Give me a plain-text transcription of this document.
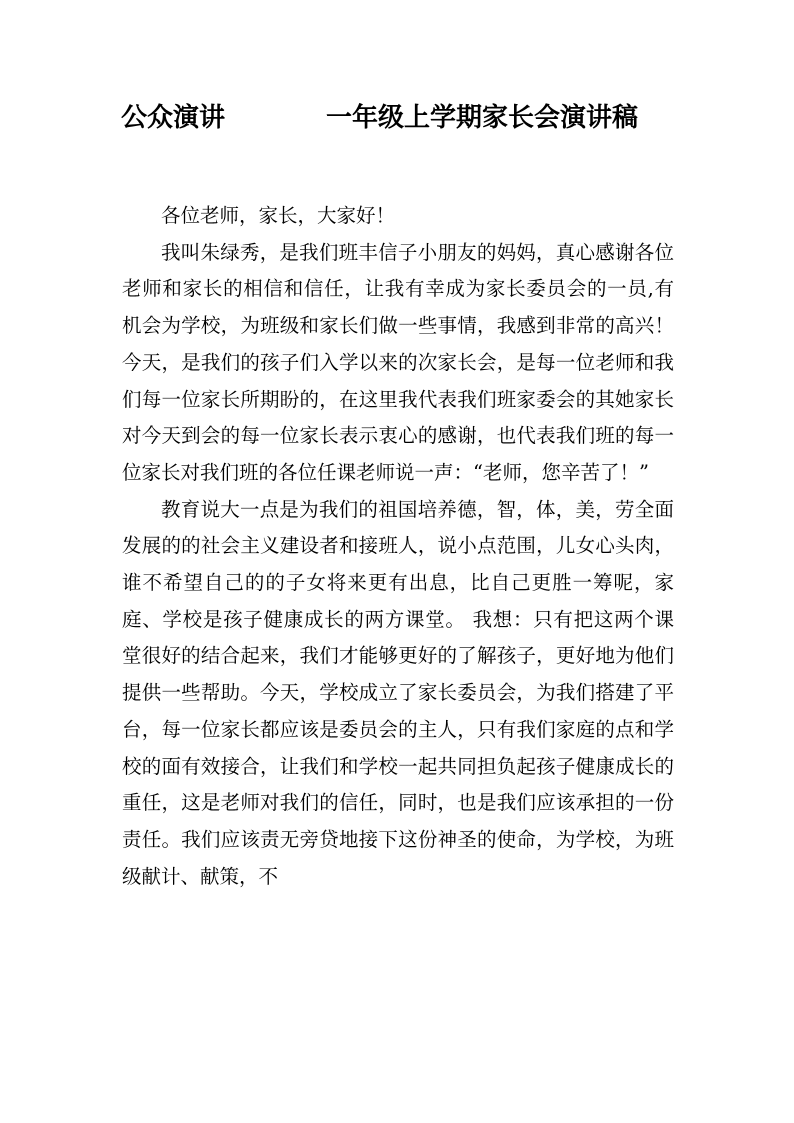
公众演讲	一年级上学期家长会演讲稿

各位老师，家长，大家好！

我叫朱绿秀，是我们班丰信子小朋友的妈妈，真心感谢各位老师和家长的相信和信任，让我有幸成为家长委员会的一员,有机会为学校，为班级和家长们做一些事情，我感到非常的高兴！今天，是我们的孩子们入学以来的次家长会，是每一位老师和我们每一位家长所期盼的，在这里我代表我们班家委会的其她家长对今天到会的每一位家长表示衷心的感谢，也代表我们班的每一位家长对我们班的各位任课老师说一声：“老师，您辛苦了！”

教育说大一点是为我们的祖国培养德，智，体，美，劳全面发展的的社会主义建设者和接班人，说小点范围，儿女心头肉，谁不希望自己的的子女将来更有出息，比自己更胜一筹呢，家庭、学校是孩子健康成长的两方课堂。 我想：只有把这两个课堂很好的结合起来，我们才能够更好的了解孩子，更好地为他们提供一些帮助。今天，学校成立了家长委员会，为我们搭建了平台，每一位家长都应该是委员会的主人，只有我们家庭的点和学校的面有效接合，让我们和学校一起共同担负起孩子健康成长的重任，这是老师对我们的信任，同时，也是我们应该承担的一份责任。我们应该责无旁贷地接下这份神圣的使命，为学校，为班级献计、献策，不
